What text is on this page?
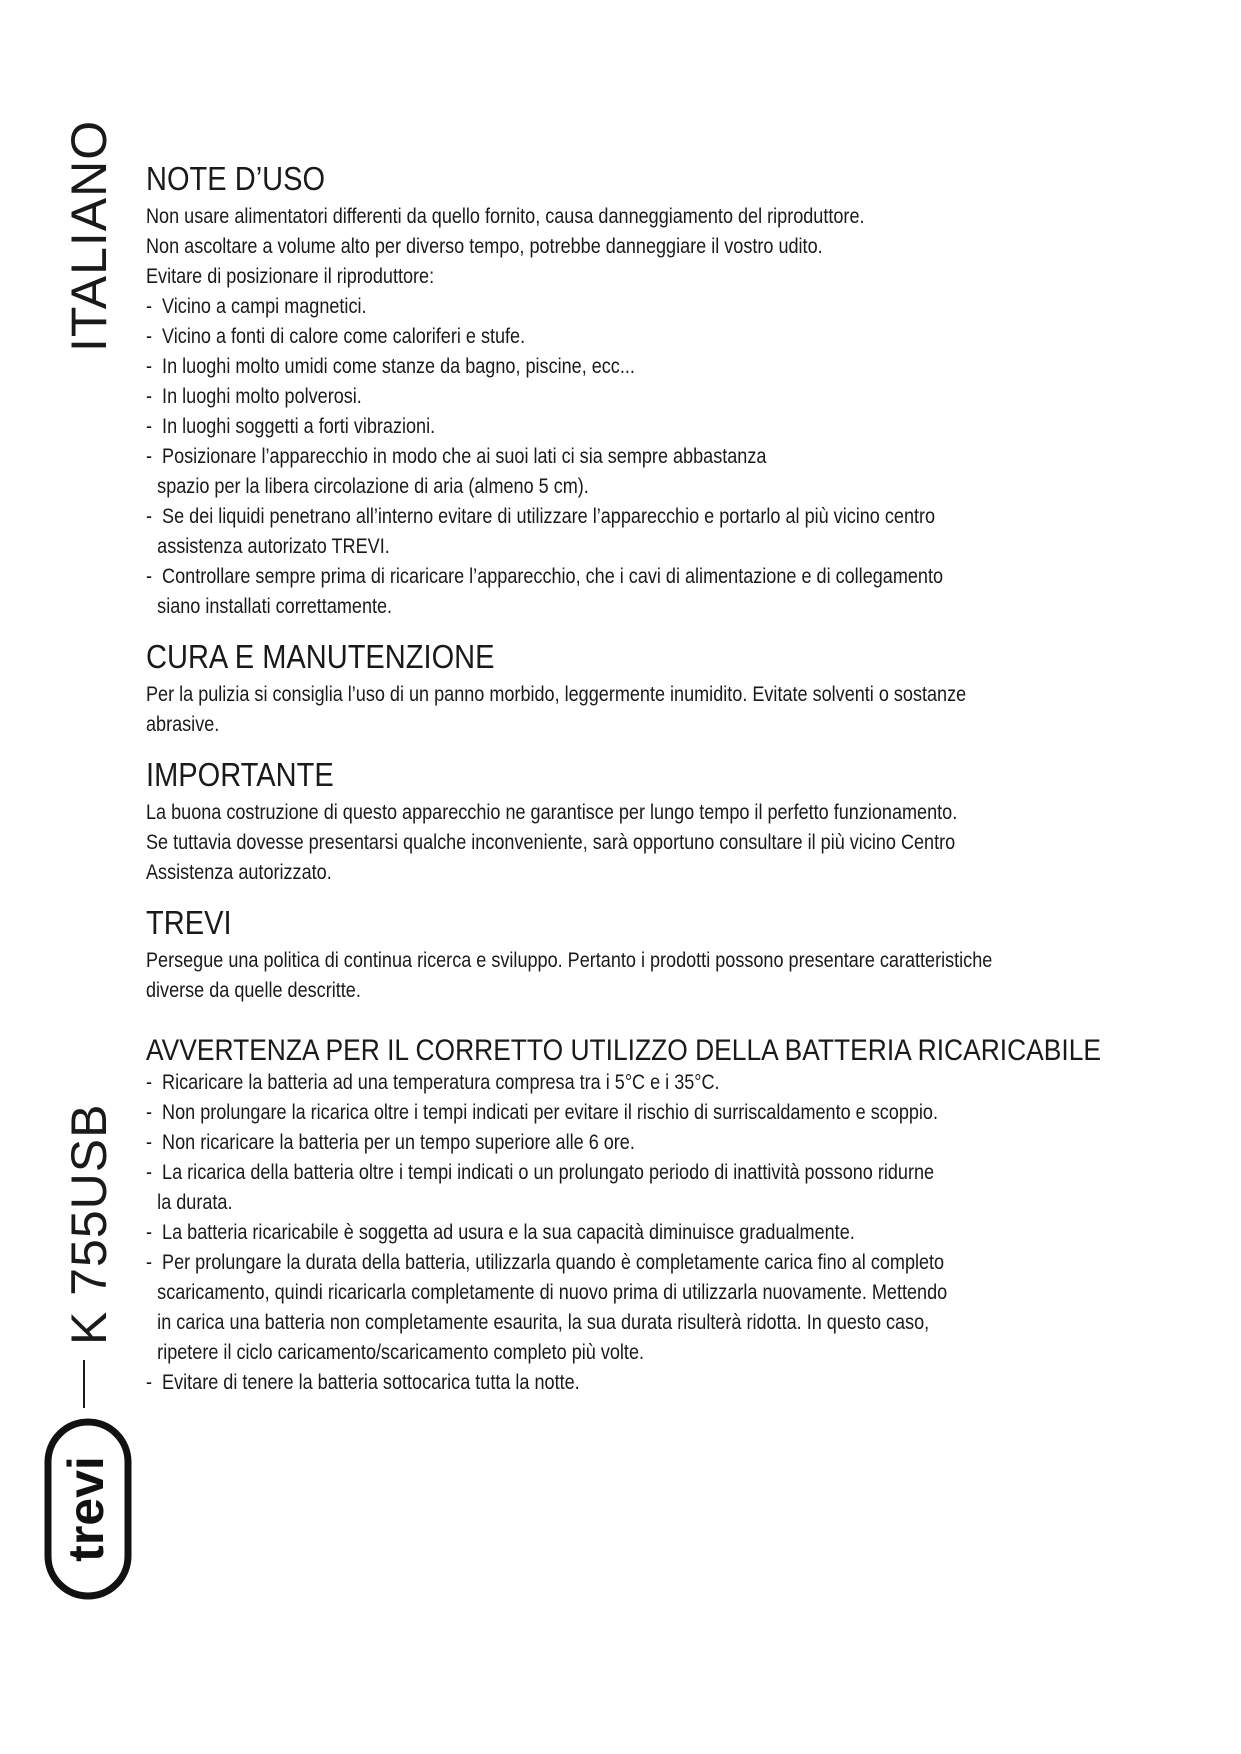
ITALIANO
K 755USB
trevi
NOTE D’USO

Non usare alimentatori differenti da quello fornito, causa danneggiamento del riproduttore.

Non ascoltare a volume alto per diverso tempo, potrebbe danneggiare il vostro udito.

Evitare di posizionare il riproduttore:

-  Vicino a campi magnetici.

-  Vicino a fonti di calore come caloriferi e stufe.

-  In luoghi molto umidi come stanze da bagno, piscine, ecc...

-  In luoghi molto polverosi.

-  In luoghi soggetti a forti vibrazioni.

-  Posizionare l’apparecchio in modo che ai suoi lati ci sia sempre abbastanza

spazio per la libera circolazione di aria (almeno 5 cm).

-  Se dei liquidi penetrano all’interno evitare di utilizzare l’apparecchio e portarlo al più vicino centro

assistenza autorizato TREVI.

-  Controllare sempre prima di ricaricare l’apparecchio, che i cavi di alimentazione e di collegamento

siano installati correttamente.

CURA E MANUTENZIONE

Per la pulizia si consiglia l’uso di un panno morbido, leggermente inumidito. Evitate solventi o sostanze

abrasive.

IMPORTANTE

La buona costruzione di questo apparecchio ne garantisce per lungo tempo il perfetto funzionamento.

Se tuttavia dovesse presentarsi qualche inconveniente, sarà opportuno consultare il più vicino Centro

Assistenza autorizzato.

TREVI

Persegue una politica di continua ricerca e sviluppo. Pertanto i prodotti possono presentare caratteristiche

diverse da quelle descritte.

AVVERTENZA PER IL CORRETTO UTILIZZO DELLA BATTERIA RICARICABILE

-  Ricaricare la batteria ad una temperatura compresa tra i 5°C e i 35°C.

-  Non prolungare la ricarica oltre i tempi indicati per evitare il rischio di surriscaldamento e scoppio.

-  Non ricaricare la batteria per un tempo superiore alle 6 ore.

-  La ricarica della batteria oltre i tempi indicati o un prolungato periodo di inattività possono ridurne

la durata.

-  La batteria ricaricabile è soggetta ad usura e la sua capacità diminuisce gradualmente.

-  Per prolungare la durata della batteria, utilizzarla quando è completamente carica fino al completo

scaricamento, quindi ricaricarla completamente di nuovo prima di utilizzarla nuovamente. Mettendo

in carica una batteria non completamente esaurita, la sua durata risulterà ridotta. In questo caso,

ripetere il ciclo caricamento/scaricamento completo più volte.

-  Evitare di tenere la batteria sottocarica tutta la notte.
